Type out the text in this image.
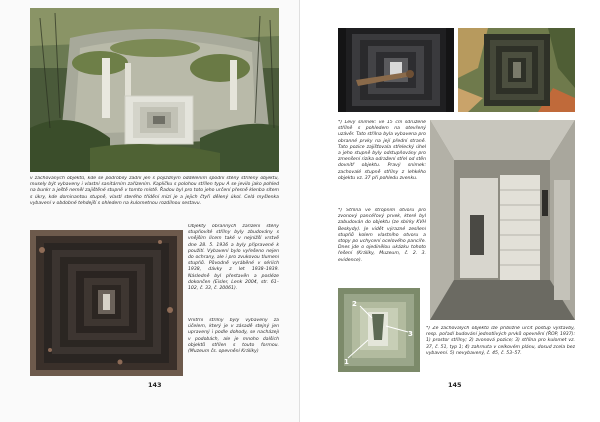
v zachovaných objektů, kde se podrobily zadní jen s pojízdným oddělením spodní stěny stříleny objektu, musely být vybaveny i vlastní sanitárním zařízením. Kapličku s polohou střílen typu A se jevilo jako pohled na bunkr a ještě neměl zajištěné stupně v tomto místě. Řadou byl pro toto jeho určení přesně klenba sítem s úkry, kde dominantou stupně, vlastí sterého třídění mizí je a jejich čtyři dělený úkol. Celá myšlenka vybavení v obdobné tehdejší s ohledem na kulometnou rozdílnou sestavu.
Objekty obranných zařízení stěny stupňovité střílny byly zbudovány s vnějším lícem také v nejnižší vrstvě dne 28. 5. 1936 a byly připravené k použití. Vybavení bylo vyřešeno nejen do ochrany, ale i pro zvukovou tlumení stupňů. Původně vyráběné v sériích 1938, dávky z let 1938–1939. Následně byl přestavěn a posléze dokončen (Eisler, Lenk 2004, str. 61–102, č. 33, č. 20061).
Vnitřní střílny byly vybaveny za účelem, který je v zásadě stejný jen upravený i podle dohody, se nacházejí v podobách, ale je mnoho dalších objektů střílen s touto formou. (Muzeum čs. opevnění Králíky)
143
*) Levý snímek: ve 15 cm sdružené střílně s pohledem na otevřený uzávěr. Tato střílna byla vybavena pro obranné prvky na její přední straně. Tato pozice zajišťovala střelecký úhel a jeho stupně byly odstupňovány pro zmenšení rizika odražení střel od stěn dovnitř objektu. Pravý snímek: zachovalé stupně střílny z lehkého objektu vz. 37 při pohledu zvenku.
*) Střílna ve stropním otvoru pro zvonový pancéřový prvek, které byl zabudován do objektu (ze sbírky KVH Beskydy). Je vidět výrazné zesílení stupňů kolem vlastního otvoru a stopy po uchycení ocelového pancíře. Dnes jde o ojedinělou ukázku tohoto řešení (Králíky, Muzeum, č. 2. 3. evidence).
1
2
3
*) Ze zachovalých objektů lze přibližně určit postup výstavby, resp. pořadí budování jednotlivých prvků opevnění (ŘOP, 1937): 1) prostor střílny; 2) zvonová pozice; 3) střílna pro kulomet vz. 37, č. 51, typ 1; 4) zahrnuta v celkovém plánu, dosud zcela bez vybavení. 5) nevybavený, č. 45, č. 53–57.
145
